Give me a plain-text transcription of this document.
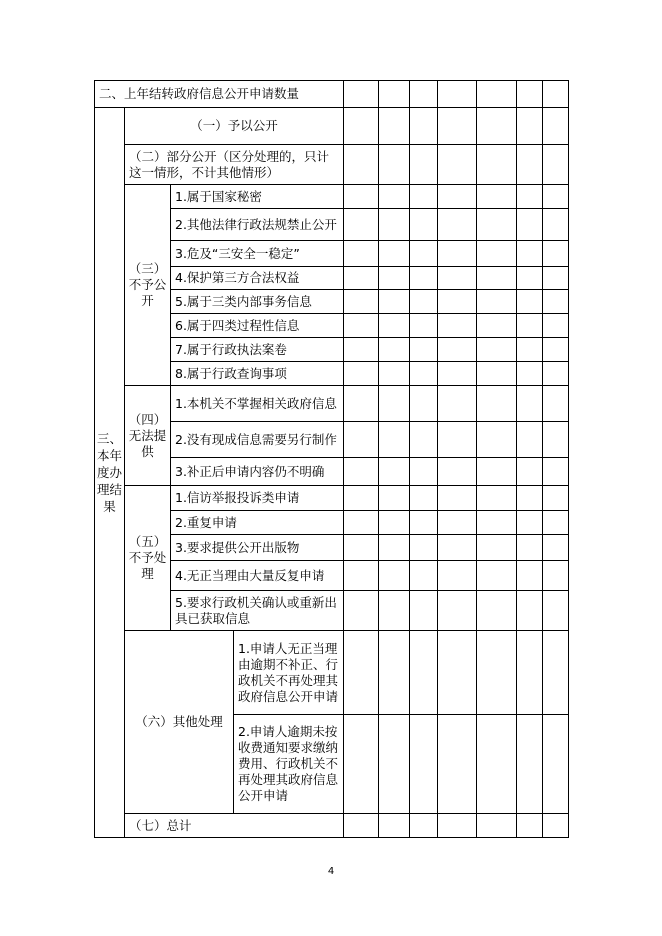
二、上年结转政府信息公开申请数量										
三、本年度办理结果	（一）予以公开									
	（二）部分公开（区分处理的，只计这一情形，不计其他情形）									
	（三）不予公开	1.属于国家秘密								
		2.其他法律行政法规禁止公开								
		3.危及“三安全一稳定”								
		4.保护第三方合法权益								
		5.属于三类内部事务信息								
		6.属于四类过程性信息								
		7.属于行政执法案卷								
		8.属于行政查询事项								
	（四）无法提供	1.本机关不掌握相关政府信息								
		2.没有现成信息需要另行制作								
		3.补正后申请内容仍不明确								
	（五）不予处理	1.信访举报投诉类申请								
		2.重复申请								
		3.要求提供公开出版物								
		4.无正当理由大量反复申请								
		5.要求行政机关确认或重新出具已获取信息								
	（六）其他处理		1.申请人无正当理由逾期不补正、行政机关不再处理其政府信息公开申请							
			2.申请人逾期未按收费通知要求缴纳费用、行政机关不再处理其政府信息公开申请							
	（七）总计									
4
